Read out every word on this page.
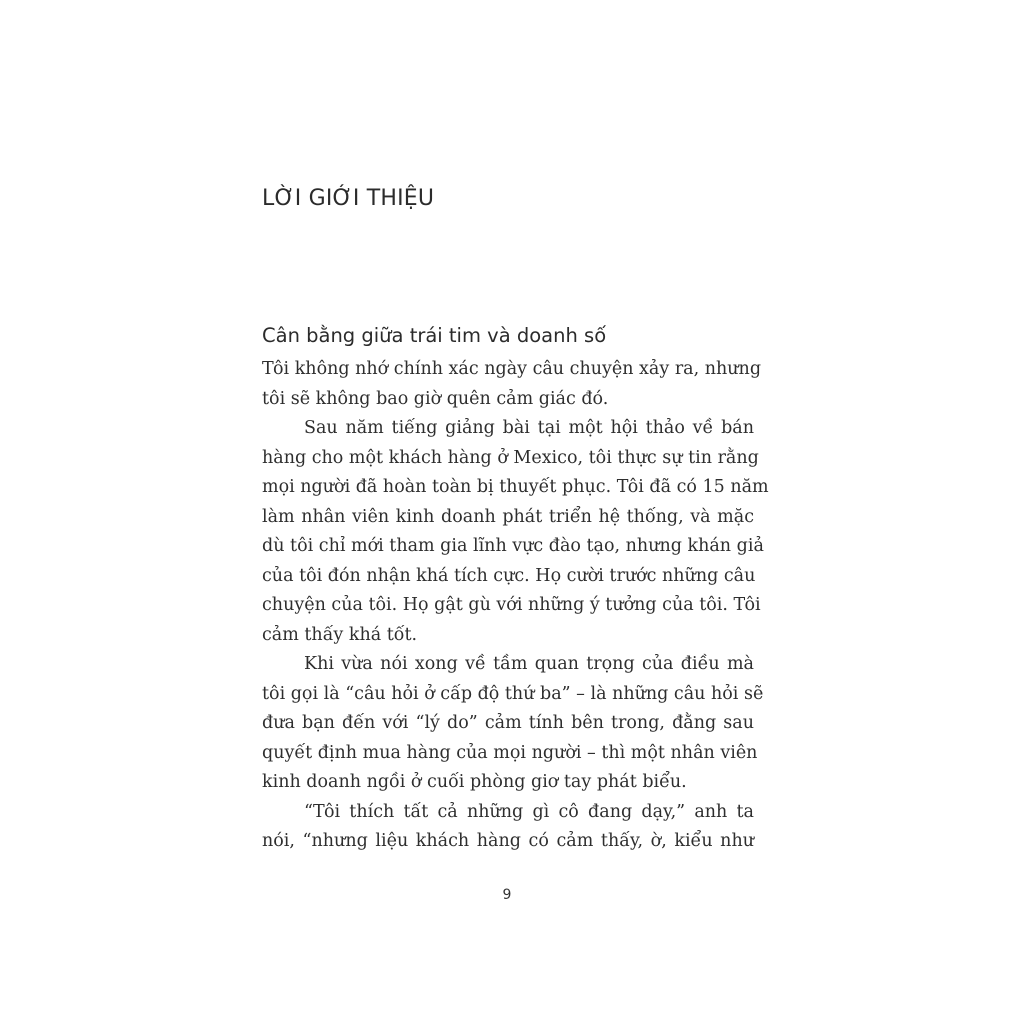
LỜI GIỚI THIỆU
Cân bằng giữa trái tim và doanh số
Tôi không nhớ chính xác ngày câu chuyện xảy ra, nhưng
tôi sẽ không bao giờ quên cảm giác đó.
Sau năm tiếng giảng bài tại một hội thảo về bán
hàng cho một khách hàng ở Mexico, tôi thực sự tin rằng
mọi người đã hoàn toàn bị thuyết phục. Tôi đã có 15 năm
làm nhân viên kinh doanh phát triển hệ thống, và mặc
dù tôi chỉ mới tham gia lĩnh vực đào tạo, nhưng khán giả
của tôi đón nhận khá tích cực. Họ cười trước những câu
chuyện của tôi. Họ gật gù với những ý tưởng của tôi. Tôi
cảm thấy khá tốt.
Khi vừa nói xong về tầm quan trọng của điều mà
tôi gọi là “câu hỏi ở cấp độ thứ ba” – là những câu hỏi sẽ
đưa bạn đến với “lý do” cảm tính bên trong, đằng sau
quyết định mua hàng của mọi người – thì một nhân viên
kinh doanh ngồi ở cuối phòng giơ tay phát biểu.
“Tôi thích tất cả những gì cô đang dạy,” anh ta
nói, “nhưng liệu khách hàng có cảm thấy, ờ, kiểu như

9
